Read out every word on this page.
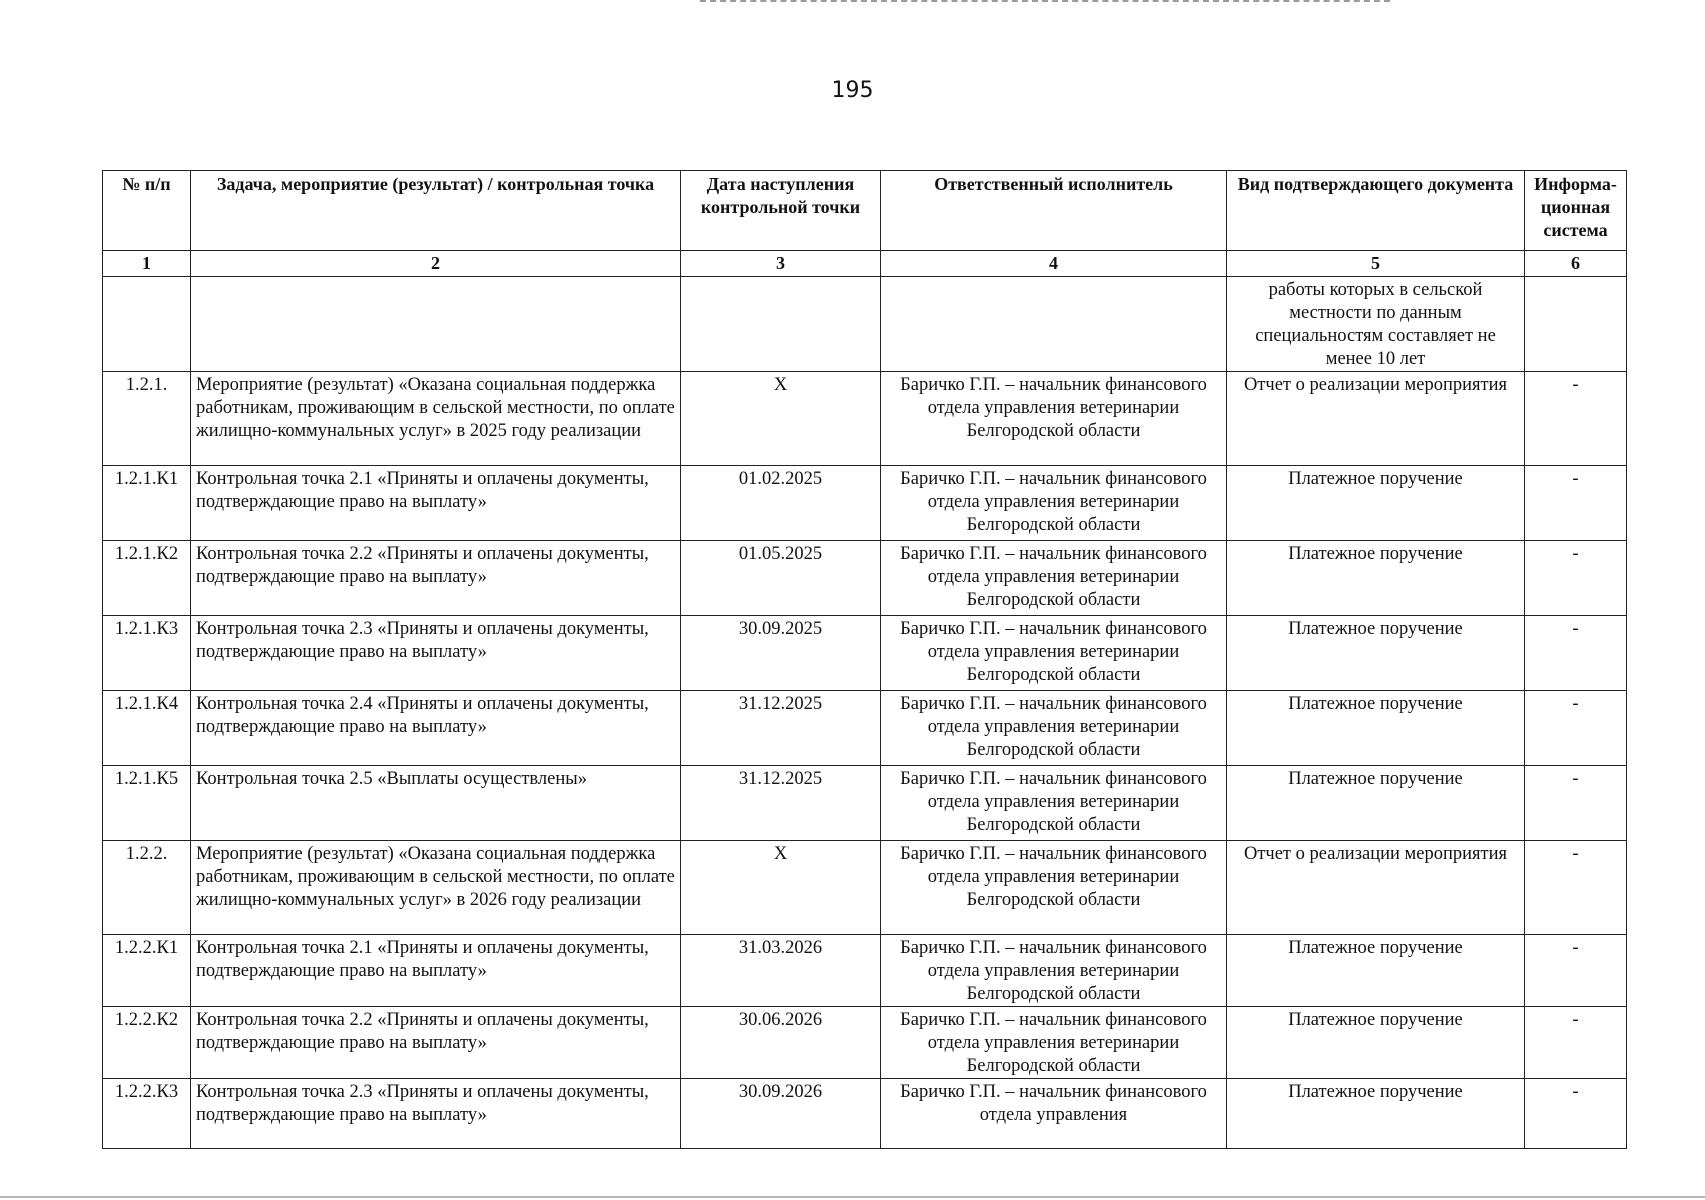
195
№ п/п	Задача, мероприятие (результат) / контрольная точка	Дата наступления контрольной точки	Ответственный исполнитель	Вид подтверждающего документа	Информа-ционная система
1	2	3	4	5	6
				работы которых в сельской местности по данным специальностям составляет не менее 10 лет	
1.2.1.	Мероприятие (результат) «Оказана социальная поддержка работникам, проживающим в сельской местности, по оплате жилищно-коммунальных услуг» в 2025 году реализации	X	Баричко Г.П. – начальник финансового отдела управления ветеринарии Белгородской области	Отчет о реализации мероприятия	-
1.2.1.К1	Контрольная точка 2.1 «Приняты и оплачены документы, подтверждающие право на выплату»	01.02.2025	Баричко Г.П. – начальник финансового отдела управления ветеринарии Белгородской области	Платежное поручение	-
1.2.1.К2	Контрольная точка 2.2 «Приняты и оплачены документы, подтверждающие право на выплату»	01.05.2025	Баричко Г.П. – начальник финансового отдела управления ветеринарии Белгородской области	Платежное поручение	-
1.2.1.К3	Контрольная точка 2.3 «Приняты и оплачены документы, подтверждающие право на выплату»	30.09.2025	Баричко Г.П. – начальник финансового отдела управления ветеринарии Белгородской области	Платежное поручение	-
1.2.1.К4	Контрольная точка 2.4 «Приняты и оплачены документы, подтверждающие право на выплату»	31.12.2025	Баричко Г.П. – начальник финансового отдела управления ветеринарии Белгородской области	Платежное поручение	-
1.2.1.К5	Контрольная точка 2.5 «Выплаты осуществлены»	31.12.2025	Баричко Г.П. – начальник финансового отдела управления ветеринарии Белгородской области	Платежное поручение	-
1.2.2.	Мероприятие (результат) «Оказана социальная поддержка работникам, проживающим в сельской местности, по оплате жилищно-коммунальных услуг» в 2026 году реализации	X	Баричко Г.П. – начальник финансового отдела управления ветеринарии Белгородской области	Отчет о реализации мероприятия	-
1.2.2.К1	Контрольная точка 2.1 «Приняты и оплачены документы, подтверждающие право на выплату»	31.03.2026	Баричко Г.П. – начальник финансового отдела управления ветеринарии Белгородской области	Платежное поручение	-
1.2.2.К2	Контрольная точка 2.2 «Приняты и оплачены документы, подтверждающие право на выплату»	30.06.2026	Баричко Г.П. – начальник финансового отдела управления ветеринарии Белгородской области	Платежное поручение	-
1.2.2.К3	Контрольная точка 2.3 «Приняты и оплачены документы, подтверждающие право на выплату»	30.09.2026	Баричко Г.П. – начальник финансового отдела управления	Платежное поручение	-
